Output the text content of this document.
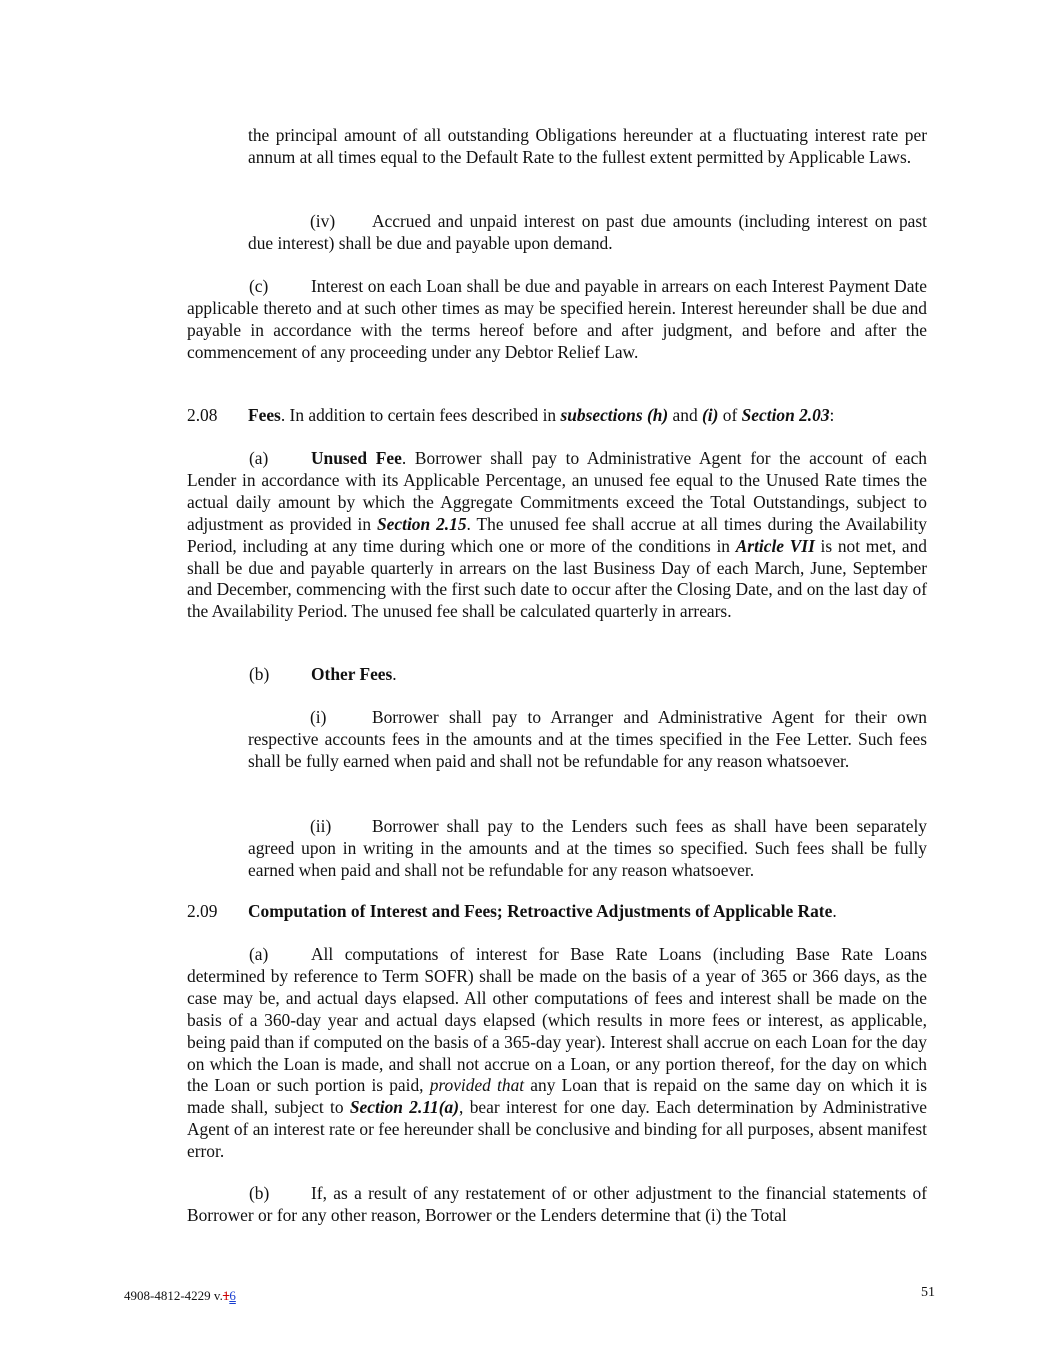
the principal amount of all outstanding Obligations hereunder at a fluctuating interest rate per annum at all times equal to the Default Rate to the fullest extent permitted by Applicable Laws.

(iv) Accrued and unpaid interest on past due amounts (including interest on past due interest) shall be due and payable upon demand.

(c) Interest on each Loan shall be due and payable in arrears on each Interest Payment Date applicable thereto and at such other times as may be specified herein. Interest hereunder shall be due and payable in accordance with the terms hereof before and after judgment, and before and after the commencement of any proceeding under any Debtor Relief Law.

2.08 Fees. In addition to certain fees described in subsections (h) and (i) of Section 2.03:

(a) Unused Fee. Borrower shall pay to Administrative Agent for the account of each Lender in accordance with its Applicable Percentage, an unused fee equal to the Unused Rate times the actual daily amount by which the Aggregate Commitments exceed the Total Outstandings, subject to adjustment as provided in Section 2.15. The unused fee shall accrue at all times during the Availability Period, including at any time during which one or more of the conditions in Article VII is not met, and shall be due and payable quarterly in arrears on the last Business Day of each March, June, September and December, commencing with the first such date to occur after the Closing Date, and on the last day of the Availability Period. The unused fee shall be calculated quarterly in arrears.

(b) Other Fees.

(i)	Borrower shall pay to Arranger and Administrative Agent for their own respective accounts fees in the amounts and at the times specified in the Fee Letter. Such fees shall be fully earned when paid and shall not be refundable for any reason whatsoever.

(ii) Borrower shall pay to the Lenders such fees as shall have been separately agreed upon in writing in the amounts and at the times so specified. Such fees shall be fully earned when paid and shall not be refundable for any reason whatsoever.

2.09 Computation of Interest and Fees; Retroactive Adjustments of Applicable Rate.

(a) All computations of interest for Base Rate Loans (including Base Rate Loans determined by reference to Term SOFR) shall be made on the basis of a year of 365 or 366 days, as the case may be, and actual days elapsed. All other computations of fees and interest shall be made on the basis of a 360-day year and actual days elapsed (which results in more fees or interest, as applicable, being paid than if computed on the basis of a 365-day year). Interest shall accrue on each Loan for the day on which the Loan is made, and shall not accrue on a Loan, or any portion thereof, for the day on which the Loan or such portion is paid, provided that any Loan that is repaid on the same day on which it is made shall, subject to Section 2.11(a), bear interest for one day. Each determination by Administrative Agent of an interest rate or fee hereunder shall be conclusive and binding for all purposes, absent manifest error.

(b) If, as a result of any restatement of or other adjustment to the financial statements of Borrower or for any other reason, Borrower or the Lenders determine that (i) the Total

4908-4812-4229 v.16	51
